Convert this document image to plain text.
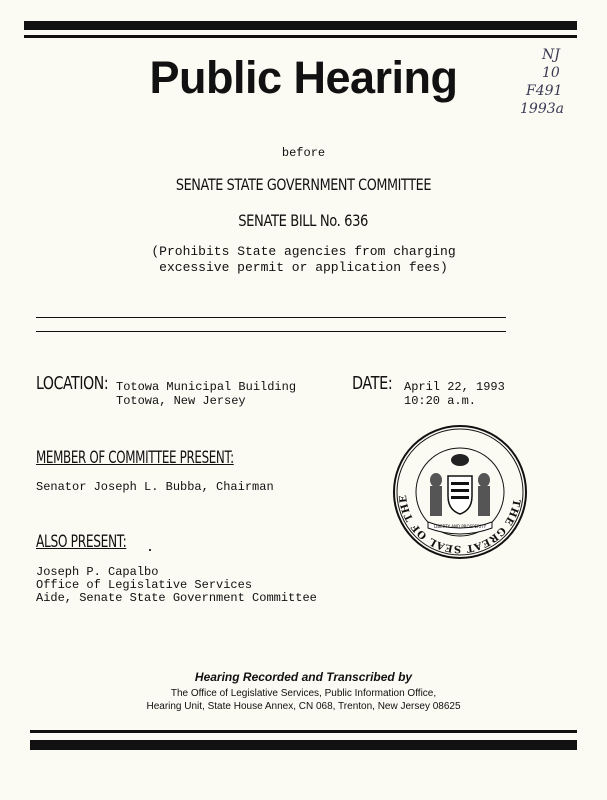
Public Hearing	NJ
10
F491
1993a
before
SENATE STATE GOVERNMENT COMMITTEE
SENATE BILL No. 636
(Prohibits State agencies from charging
excessive permit or application fees)
LOCATION: Totowa Municipal Building
Totowa, New Jersey
DATE: April 22, 1993
10:20 a.m.
MEMBER OF COMMITTEE PRESENT:
Senator Joseph L. Bubba, Chairman
ALSO PRESENT:
Joseph P. Capalbo
Office of Legislative Services
Aide, Senate State Government Committee
THE GREAT SEAL OF THE
LIBERTY AND PROSPERITY
Hearing Recorded and Transcribed by
The Office of Legislative Services, Public Information Office,
Hearing Unit, State House Annex, CN 068, Trenton, New Jersey 08625
